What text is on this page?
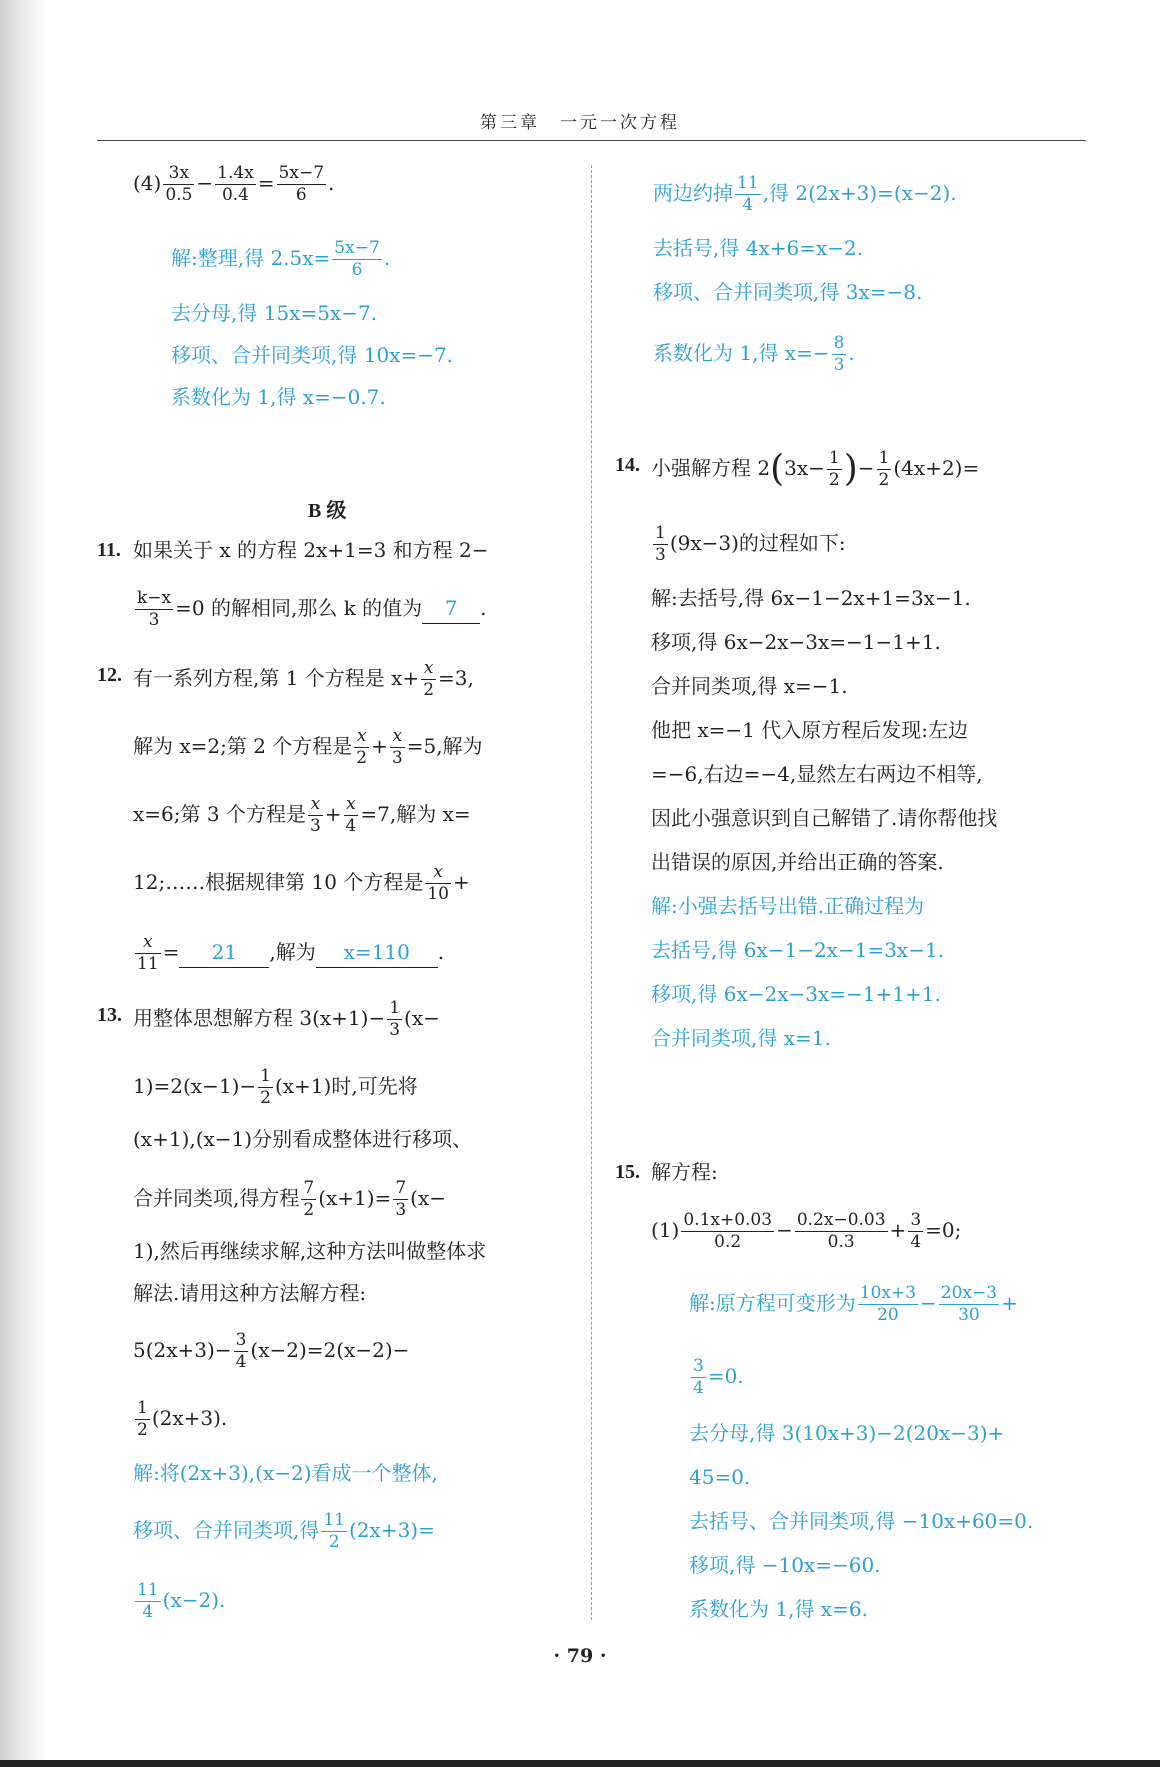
第三章　一元一次方程
$(4) \frac{3x}{0.5} - \frac{1.4x}{0.4} = \frac{5x-7}{6}$ .
解:整理,得 $2.5x= \frac{5x-7}{6}$ .
去分母,得 15x=5x−7.
移项、合并同类项,得 10x=−7.
系数化为 1,得 x=−0.7.
B 级
11. 如果关于 x 的方程 2x+1=3 和方程 2−
$\frac{k-x}{3} =0$ 的解相同,那么 k 的值为 7 .
12. 有一系列方程,第 1 个方程是 $x+ \frac{x}{2} =3$,
解为 x=2;第 2 个方程是 $\frac{x}{2} + \frac{x}{3} =5$,解为
x=6;第 3 个方程是 $\frac{x}{3} + \frac{x}{4} =7$,解为 x=
12;……根据规律第 10 个方程是 $\frac{x}{10}$ +
$\frac{x}{11} = 21$ ,解为 x=110 .
13. 用整体思想解方程 $3(x+1)- \frac{1}{3} (x-$
$1)=2(x-1)- \frac{1}{2} (x+1)$时,可先将
(x+1),(x−1)分别看成整体进行移项、
合并同类项,得方程 $\frac{7}{2} (x+1)= \frac{7}{3} (x-$
1),然后再继续求解,这种方法叫做整体求
解法.请用这种方法解方程:
$5(2x+3)- \frac{3}{4} (x-2)=2(x-2)-$
$\frac{1}{2} (2x+3)$.
解:将(2x+3),(x−2)看成一个整体,
移项、合并同类项,得 $\frac{11}{2} (2x+3)=$
$\frac{11}{4} (x-2)$.
两边约掉 $\frac{11}{4}$ ,得 2(2x+3)=(x−2).
去括号,得 4x+6=x−2.
移项、合并同类项,得 3x=−8.
系数化为 1,得 $x=- \frac{8}{3}$ .
14. 小强解方程 $2(3x- \frac{1}{2}$ )− $\frac{1}{2} (4x+2)=$
$\frac{1}{3} (9x-3)$的过程如下:
解:去括号,得 6x−1−2x+1=3x−1.
移项,得 6x−2x−3x=−1−1+1.
合并同类项,得 x=−1.
他把 x=−1 代入原方程后发现:左边
=−6,右边=−4,显然左右两边不相等,
因此小强意识到自己解错了.请你帮他找
出错误的原因,并给出正确的答案.
解:小强去括号出错.正确过程为
去括号,得 6x−1−2x−1=3x−1.
移项,得 6x−2x−3x=−1+1+1.
合并同类项,得 x=1.
15. 解方程:
$(1) \frac{0.1x+0.03}{0.2} - \frac{0.2x-0.03}{0.3} + \frac{3}{4} =0$;
解:原方程可变形为 $\frac{10x+3}{20} - \frac{20x-3}{30}$ +
$\frac{3}{4} =0$.
去分母,得 3(10x+3)−2(20x−3)+
45=0.
去括号、合并同类项,得 −10x+60=0.
移项,得 −10x=−60.
系数化为 1,得 x=6.
· 79 ·
